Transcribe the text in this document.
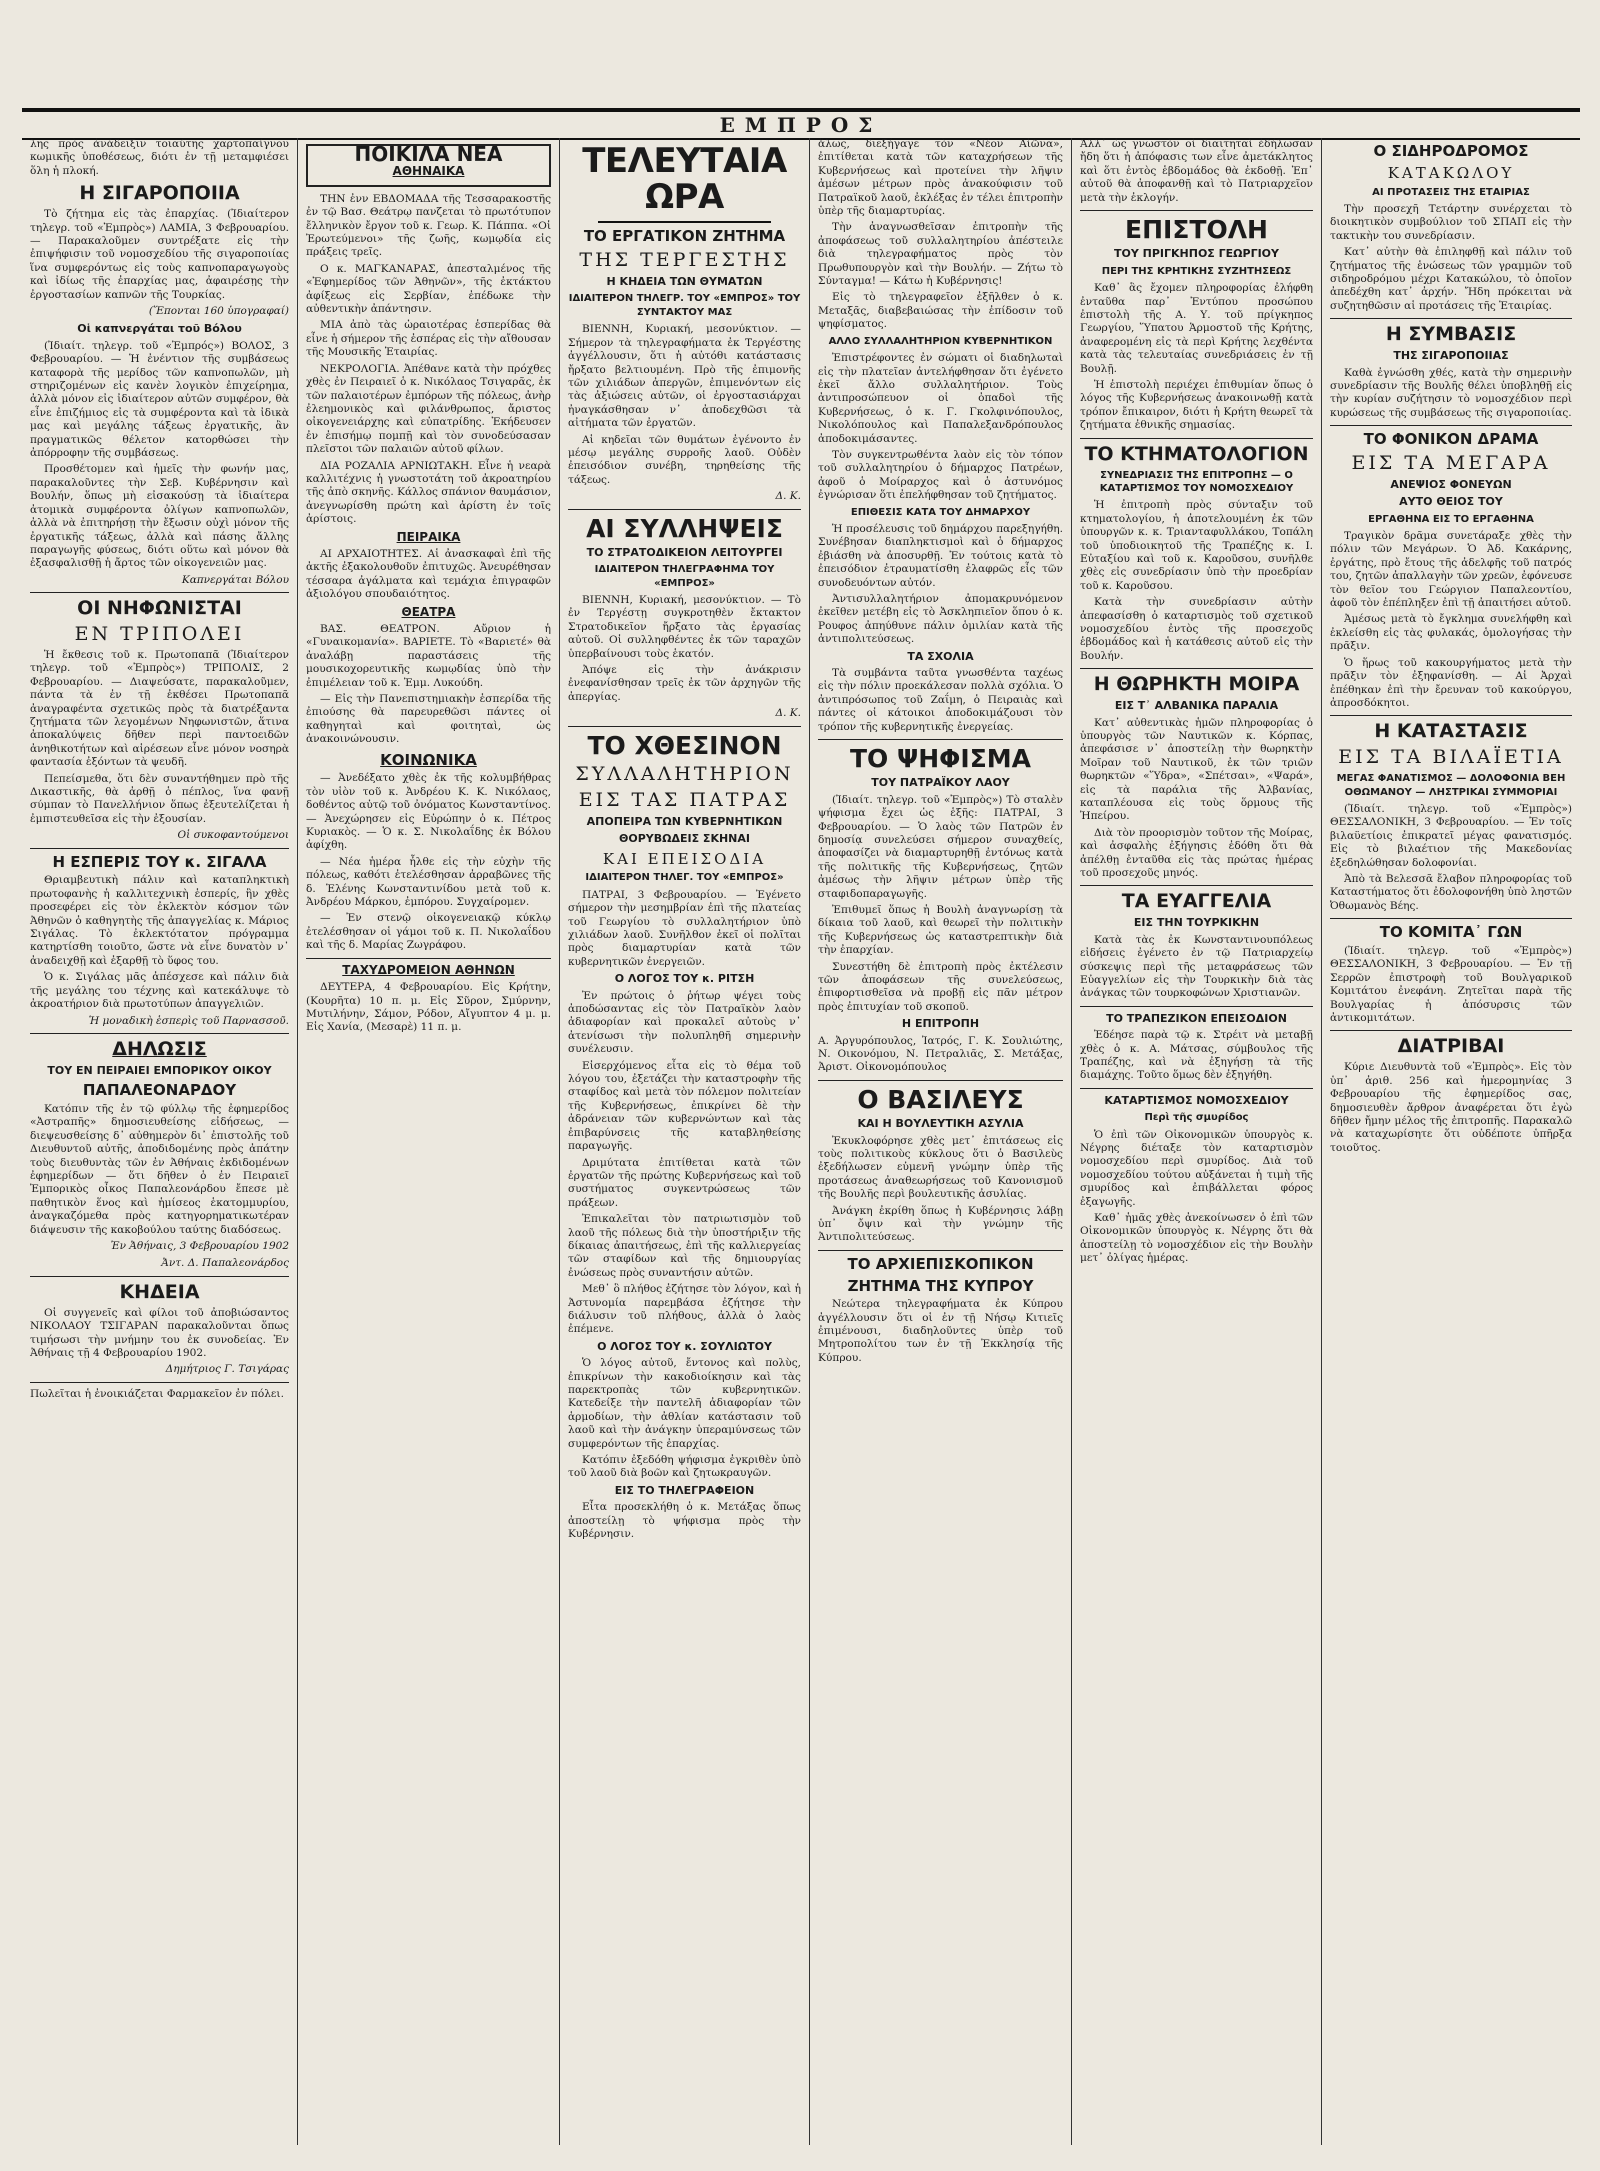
ΕΜΠΡΟΣ

λης πρὸς ἀνάδειξιν τοιαύτης χαρτοπαίγνου κωμικῆς ὑποθέσεως, διότι ἐν τῇ μεταμφιέσει ὅλη ἡ πλοκή.

Η ΣΙΓΑΡΟΠΟΙΙΑ

Τὸ ζήτημα εἰς τὰς ἐπαρχίας. (Ἰδιαίτερον τηλεγρ. τοῦ «Ἐμπρὸς») ΛΑΜΙΑ, 3 Φεβρουαρίου. — Παρακαλοῦμεν συντρέξατε εἰς τὴν ἐπιψήφισιν τοῦ νομοσχεδίου τῆς σιγαροποιίας ἵνα συμφερόντως εἰς τοὺς καπνοπαραγωγοὺς καὶ ἰδίως τῆς ἐπαρχίας μας, ἀφαιρέσῃς τὴν ἐργοστασίων καπνῶν τῆς Τουρκίας.

(Ἕπονται 160 ὑπογραφαί)
Οἱ καπνεργάται τοῦ Βόλου

(Ἰδιαίτ. τηλεγρ. τοῦ «Ἐμπρός») ΒΟΛΟΣ, 3 Φεβρουαρίου. — Ἡ ἐνέντιον τῆς συμβάσεως καταφορὰ τῆς μερίδος τῶν καπνοπωλῶν, μὴ στηριζομένων εἰς κανὲν λογικὸν ἐπιχείρημα, ἀλλὰ μόνον εἰς ἰδιαίτερον αὐτῶν συμφέρον, θὰ εἶνε ἐπιζήμιος εἰς τὰ συμφέροντα καὶ τὰ ἰδικὰ μας καὶ μεγάλης τάξεως ἐργατικῆς, ἂν πραγματικῶς θέλετον κατορθώσει τὴν ἀπόρροφην τῆς συμβάσεως.

Προσθέτομεν καὶ ἡμεῖς τὴν φωνήν μας, παρακαλοῦντες τὴν Σεβ. Κυβέρνησιν καὶ Βουλήν, ὅπως μὴ εἰσακούσῃ τὰ ἰδιαίτερα ἀτομικὰ συμφέροντα ὀλίγων καπνοπωλῶν, ἀλλὰ νὰ ἐπιτηρήσῃ τὴν ἔξωσιν οὐχὶ μόνον τῆς ἐργατικῆς τάξεως, ἀλλὰ καὶ πάσης ἄλλης παραγωγῆς φύσεως, διότι οὕτω καὶ μόνον θὰ ἐξασφαλισθῇ ἡ ἄρτος τῶν οἰκογενειῶν μας.

Καπνεργάται Βόλου
ΟΙ ΝΗΦΩΝΙΣΤΑΙ
ΕΝ ΤΡΙΠΟΛΕΙ

Ἡ ἔκθεσις τοῦ κ. Πρωτοπαπᾶ (Ἰδιαίτερον τηλεγρ. τοῦ «Ἐμπρὸς») ΤΡΙΠΟΛΙΣ, 2 Φεβρουαρίου. — Διαψεύσατε, παρακαλοῦμεν, πάντα τὰ ἐν τῇ ἐκθέσει Πρωτοπαπᾶ ἀναγραφέντα σχετικῶς πρὸς τὰ διατρέξαντα ζητήματα τῶν λεγομένων Νηφωνιστῶν, ἅτινα ἀποκαλύψεις δῆθεν περὶ παντοειδῶν ἀνηθικοτήτων καὶ αἱρέσεων εἶνε μόνον νοσηρὰ φαντασία ἐξόντων τὰ ψευδῆ.

Πεπείσμεθα, ὅτι δὲν συναντήθημεν πρὸ τῆς Δικαστικῆς, θὰ ἀρθῇ ὁ πέπλος, ἵνα φανῇ σύμπαν τὸ Πανελλήνιον ὅπως ἐξευτελίζεται ἡ ἐμπιστευθεῖσα εἰς τὴν ἐξουσίαν.

Οἱ συκοφαντούμενοι
Η ΕΣΠΕΡΙΣ ΤΟΥ κ. ΣΙΓΑΛΑ

Θριαμβευτικὴ πάλιν καὶ καταπληκτικὴ πρωτοφανὴς ἡ καλλιτεχνικὴ ἑσπερίς, ἣν χθὲς προσεφέρει εἰς τὸν ἐκλεκτὸν κόσμον τῶν Ἀθηνῶν ὁ καθηγητὴς τῆς ἀπαγγελίας κ. Μάριος Σιγάλας. Τὸ ἐκλεκτότατον πρόγραμμα κατηρτίσθη τοιοῦτο, ὥστε νὰ εἶνε δυνατὸν ν᾽ ἀναδειχθῇ καὶ ἐξαρθῇ τὸ ὕφος του.

Ὁ κ. Σιγάλας μᾶς ἀπέσχεσε καὶ πάλιν διὰ τῆς μεγάλης του τέχνης καὶ κατεκάλυψε τὸ ἀκροατήριον διὰ πρωτοτύπων ἀπαγγελιῶν.

Ἡ μοναδικὴ ἑσπερὶς τοῦ Παρνασσοῦ.
ΔΗΛΩΣΙΣ
ΤΟΥ ΕΝ ΠΕΙΡΑΙΕΙ ΕΜΠΟΡΙΚΟΥ ΟΙΚΟΥ
ΠΑΠΑΛΕΟΝΑΡΔΟΥ

Κατόπιν τῆς ἐν τῷ φύλλῳ τῆς ἐφημερίδος «Ἀστραπῆς» δημοσιευθείσης εἰδήσεως, — διεψευσθείσης δ᾽ αὐθημερὸν δι᾽ ἐπιστολῆς τοῦ Διευθυντοῦ αὐτῆς, ἀποδιδομένης πρὸς ἀπάτην τοὺς διευθυντὰς τῶν ἐν Ἀθήναις ἐκδιδομένων ἐφημερίδων — ὅτι δῆθεν ὁ ἐν Πειραιεῖ Ἐμπορικὸς οἶκος Παπαλεονάρδου ἔπεσε μὲ παθητικὸν ἕνος καὶ ἡμίσεος ἑκατομμυρίου, ἀναγκαζόμεθα πρὸς κατηγορηματικωτέραν διάψευσιν τῆς κακοβούλου ταύτης διαδόσεως.

Ἐν Ἀθήναις, 3 Φεβρουαρίου 1902
Ἀντ. Δ. Παπαλεονάρδος
ΚΗΔΕΙΑ

Οἱ συγγενεῖς καὶ φίλοι τοῦ ἀποβιώσαντος ΝΙΚΟΛΑΟΥ ΤΣΙΓΑΡΑΝ παρακαλοῦνται ὅπως τιμήσωσι τὴν μνήμην του ἐκ συνοδείας. Ἐν Ἀθήναις τῇ 4 Φεβρουαρίου 1902.

Δημήτριος Γ. Τσιγάρας

Πωλεῖται ἡ ἐνοικιάζεται Φαρμακεῖον ἐν πόλει.

ΠΟΙΚΙΛΑ ΝΕΑ
ΑΘΗΝΑΙΚΑ

ΤΗΝ ἐνν ΕΒΔΟΜΑΔΑ τῆς Τεσσαρακοστῆς ἐν τῷ Βασ. Θεάτρῳ πανζεται τὸ πρωτότυπον ἔλληνικὸν ἔργον τοῦ κ. Γεωρ. Κ. Πάππα. «Οἱ Ἐρωτεύμενοι» τῆς ζωῆς, κωμῳδία εἰς πράξεις τρεῖς.

Ο κ. ΜΑΓΚΑΝΑΡΑΣ, ἀπεσταλμένος τῆς «Ἐφημερίδος τῶν Ἀθηνῶν», τῆς ἐκτάκτου ἀφίξεως εἰς Σερβίαν, ἐπέδωκε τὴν αὐθεντικὴν ἀπάντησιν.

ΜΙΑ ἀπὸ τὰς ὡραιοτέρας ἑσπερίδας θὰ εἶνε ἡ σήμερον τῆς ἐσπέρας εἰς τὴν αἴθουσαν τῆς Μουσικῆς Ἑταιρίας.

ΝΕΚΡΟΛΟΓΙΑ. Ἀπέθανε κατὰ τὴν πρόχθες χθὲς ἐν Πειραιεῖ ὁ κ. Νικόλαος Τσιγαρᾶς, ἐκ τῶν παλαιοτέρων ἐμπόρων τῆς πόλεως, ἀνὴρ ἐλεημονικὸς καὶ φιλάνθρωπος, ἄριστος οἰκογενειάρχης καὶ εὐπατρίδης. Ἐκήδευσεν ἐν ἐπισήμῳ πομπῇ καὶ τὸν συνοδεύσασαν πλεῖστοι τῶν παλαιῶν αὐτοῦ φίλων.

ΔΙΑ ΡΟΖΑΛΙΑ ΑΡΝΙΩΤΑΚΗ. Εἶνε ἡ νεαρὰ καλλιτέχνις ἡ γνωστοτάτη τοῦ ἀκροατηρίου τῆς ἀπὸ σκηνῆς. Κάλλος σπάνιον θαυμάσιον, ἀνεγνωρίσθη πρώτη καὶ ἀρίστη ἐν τοῖς ἀρίστοις.

ΠΕΙΡΑΙΚΑ

ΑΙ ΑΡΧΑΙΟΤΗΤΕΣ. Αἱ ἀνασκαφαὶ ἐπὶ τῆς ἀκτῆς ἐξακολουθοῦν ἐπιτυχῶς. Ἀνευρέθησαν τέσσαρα ἀγάλματα καὶ τεμάχια ἐπιγραφῶν ἀξιολόγου σπουδαιότητος.

ΘΕΑΤΡΑ

ΒΑΣ. ΘΕΑΤΡΟΝ. Αὔριον ἡ «Γυναικομανία». ΒΑΡΙΕΤΕ. Τὸ «Βαριετέ» θὰ ἀναλάβῃ παραστάσεις τῆς μουσικοχορευτικῆς κωμῳδίας ὑπὸ τὴν ἐπιμέλειαν τοῦ κ. Ἐμμ. Λυκούδη.

— Εἰς τὴν Πανεπιστημιακὴν ἑσπερίδα τῆς ἐπιούσης θὰ παρευρεθῶσι πάντες οἱ καθηγηταὶ καὶ φοιτηταὶ, ὡς ἀνακοινώνουσιν.

ΚΟΙΝΩΝΙΚΑ

— Ἀνεδέξατο χθὲς ἐκ τῆς κολυμβήθρας τὸν υἱὸν τοῦ κ. Ἀνδρέου Κ. Κ. Νικόλαος, δοθέντος αὐτῷ τοῦ ὀνόματος Κωνσταντίνος. — Ἀνεχώρησεν εἰς Εὐρώπην ὁ κ. Πέτρος Κυριακὸς. — Ὁ κ. Σ. Νικολαΐδης ἐκ Βόλου ἀφίχθη.

— Νέα ἡμέρα ἦλθε εἰς τὴν εὐχὴν τῆς πόλεως, καθότι ἐτελέσθησαν ἀρραβῶνες τῆς δ. Ἑλένης Κωνσταντινίδου μετὰ τοῦ κ. Ἀνδρέου Μάρκου, ἐμπόρου. Συγχαίρομεν.

— Ἐν στενῷ οἰκογενειακῷ κύκλῳ ἐτελέσθησαν οἱ γάμοι τοῦ κ. Π. Νικολαΐδου καὶ τῆς δ. Μαρίας Ζωγράφου.

ΤΑΧΥΔΡΟΜΕΙΟΝ ΑΘΗΝΩΝ

ΔΕΥΤΕΡΑ, 4 Φεβρουαρίου. Εἰς Κρήτην, (Κουρῆτα) 10 π. μ. Εἰς Σῦρον, Σμύρνην, Μυτιλήνην, Σάμον, Ρόδον, Αἴγυπτον 4 μ. μ. Εἰς Χανία, (Μεσαρὲ) 11 π. μ.

ΤΕΛΕΥΤΑΙΑ ΩΡΑ
ΤΟ ΕΡΓΑΤΙΚΟΝ ΖΗΤΗΜΑ
ΤΗΣ ΤΕΡΓΕΣΤΗΣ
Η ΚΗΔΕΙΑ ΤΩΝ ΘΥΜΑΤΩΝ
ΙΔΙΑΙΤΕΡΟΝ ΤΗΛΕΓΡ. ΤΟΥ «ΕΜΠΡΟΣ» ΤΟΥ ΣΥΝΤΑΚΤΟΥ ΜΑΣ

ΒΙΕΝΝΗ, Κυριακή, μεσονύκτιον. — Σήμερον τὰ τηλεγραφήματα ἐκ Τεργέστης ἀγγέλλουσιν, ὅτι ἡ αὐτόθι κατάστασις ἤρξατο βελτιουμένη. Πρὸ τῆς ἐπιμονῆς τῶν χιλιάδων ἀπεργῶν, ἐπιμενόντων εἰς τὰς ἀξιώσεις αὐτῶν, οἱ ἐργοστασιάρχαι ἠναγκάσθησαν ν᾽ ἀποδεχθῶσι τὰ αἰτήματα τῶν ἐργατῶν.

Αἱ κηδεῖαι τῶν θυμάτων ἐγένοντο ἐν μέσῳ μεγάλης συρροῆς λαοῦ. Οὐδὲν ἐπεισόδιον συνέβη, τηρηθείσης τῆς τάξεως.

Δ. Κ.
ΑΙ ΣΥΛΛΗΨΕΙΣ
ΤΟ ΣΤΡΑΤΟΔΙΚΕΙΟΝ ΛΕΙΤΟΥΡΓΕΙ
ΙΔΙΑΙΤΕΡΟΝ ΤΗΛΕΓΡΑΦΗΜΑ ΤΟΥ «ΕΜΠΡΟΣ»

ΒΙΕΝΝΗ, Κυριακή, μεσονύκτιον. — Τὸ ἐν Τεργέστῃ συγκροτηθὲν ἔκτακτον Στρατοδικεῖον ἤρξατο τὰς ἐργασίας αὐτοῦ. Οἱ συλληφθέντες ἐκ τῶν ταραχῶν ὑπερβαίνουσι τοὺς ἑκατόν.

Ἀπόψε εἰς τὴν ἀνάκρισιν ἐνεφανίσθησαν τρεῖς ἐκ τῶν ἀρχηγῶν τῆς ἀπεργίας.

Δ. Κ.
ΤΟ ΧΘΕΣΙΝΟΝ
ΣΥΛΛΑΛΗΤΗΡΙΟΝ
ΕΙΣ ΤΑΣ ΠΑΤΡΑΣ
ΑΠΟΠΕΙΡΑ ΤΩΝ ΚΥΒΕΡΝΗΤΙΚΩΝ
ΘΟΡΥΒΩΔΕΙΣ ΣΚΗΝΑΙ
ΚΑΙ ΕΠΕΙΣΟΔΙΑ
ΙΔΙΑΙΤΕΡΟΝ ΤΗΛΕΓ. ΤΟΥ «ΕΜΠΡΟΣ»

ΠΑΤΡΑΙ, 3 Φεβρουαρίου. — Ἐγένετο σήμερον τὴν μεσημβρίαν ἐπὶ τῆς πλατείας τοῦ Γεωργίου τὸ συλλαλητήριον ὑπὸ χιλιάδων λαοῦ. Συνῆλθον ἐκεῖ οἱ πολῖται πρὸς διαμαρτυρίαν κατὰ τῶν κυβερνητικῶν ἐνεργειῶν.

Ο ΛΟΓΟΣ ΤΟΥ κ. ΡΙΤΣΗ

Ἐν πρώτοις ὁ ῥήτωρ ψέγει τοὺς ἀποδώσαντας εἰς τὸν Πατραϊκὸν λαὸν ἀδιαφορίαν καὶ προκαλεῖ αὐτοὺς ν᾽ ἀτενίσωσι τὴν πολυπληθῆ σημερινὴν συνέλευσιν.

Εἰσερχόμενος εἶτα εἰς τὸ θέμα τοῦ λόγου του, ἐξετάζει τὴν καταστροφὴν τῆς σταφίδος καὶ μετὰ τὸν πόλεμον πολιτείαν τῆς Κυβερνήσεως, ἐπικρίνει δὲ τὴν ἀδράνειαν τῶν κυβερνώντων καὶ τὰς ἐπιβαρύνσεις τῆς καταβληθείσης παραγωγῆς.

Δριμύτατα ἐπιτίθεται κατὰ τῶν ἐργατῶν τῆς πρώτης Κυβερνήσεως καὶ τοῦ συστήματος συγκεντρώσεως τῶν πράξεων.

Ἐπικαλεῖται τὸν πατριωτισμὸν τοῦ λαοῦ τῆς πόλεως διὰ τὴν ὑποστήριξιν τῆς δίκαιας ἀπαιτήσεως, ἐπὶ τῆς καλλιεργείας τῶν σταφίδων καὶ τῆς δημιουργίας ἐνώσεως πρὸς συναντήσιν αὐτῶν.

Μεθ᾽ ὃ πλήθος ἐζήτησε τὸν λόγον, καὶ ἡ Ἀστυνομία παρεμβάσα ἐζήτησε τὴν διάλυσιν τοῦ πλήθους, ἀλλὰ ὁ λαὸς ἐπέμενε.

Ο ΛΟΓΟΣ ΤΟΥ κ. ΣΟΥΛΙΩΤΟΥ

Ὁ λόγος αὐτοῦ, ἔντονος καὶ πολὺς, ἐπικρίνων τὴν κακοδιοίκησιν καὶ τὰς παρεκτροπὰς τῶν κυβερνητικῶν. Κατεδείξε τὴν παντελῆ ἀδιαφορίαν τῶν ἁρμοδίων, τὴν ἀθλίαν κατάστασιν τοῦ λαοῦ καὶ τὴν ἀνάγκην ὑπεραμύνσεως τῶν συμφερόντων τῆς ἐπαρχίας.

Κατόπιν ἐξεδόθη ψήφισμα ἐγκριθὲν ὑπὸ τοῦ λαοῦ διὰ βοῶν καὶ ζητωκραυγῶν.

ΕΙΣ ΤΟ ΤΗΛΕΓΡΑΦΕΙΟΝ

Εἶτα προσεκλήθη ὁ κ. Μετάξας ὅπως ἀποστείλῃ τὸ ψήφισμα πρὸς τὴν Κυβέρνησιν.

ἄλως, διεξήγαγε τὸν «Νέον Αἰῶνα», ἐπιτίθεται κατὰ τῶν καταχρήσεων τῆς Κυβερνήσεως καὶ προτείνει τὴν λῆψιν ἀμέσων μέτρων πρὸς ἀνακούφισιν τοῦ Πατραϊκοῦ λαοῦ, ἐκλέξας ἐν τέλει ἐπιτροπὴν ὑπὲρ τῆς διαμαρτυρίας.

Τὴν ἀναγνωσθεῖσαν ἐπιτροπὴν τῆς ἀποφάσεως τοῦ συλλαλητηρίου ἀπέστειλε διὰ τηλεγραφήματος πρὸς τὸν Πρωθυπουργὸν καὶ τὴν Βουλήν. — Ζήτω τὸ Σύνταγμα! — Κάτω ἡ Κυβέρνησις!

Εἰς τὸ τηλεγραφεῖον ἐξῆλθεν ὁ κ. Μεταξᾶς, διαβεβαιώσας τὴν ἐπίδοσιν τοῦ ψηφίσματος.

ΑΛΛΟ ΣΥΛΛΑΛΗΤΗΡΙΟΝ ΚΥΒΕΡΝΗΤΙΚΟΝ

Ἐπιστρέφοντες ἐν σώματι οἱ διαδηλωταὶ εἰς τὴν πλατεῖαν ἀντελήφθησαν ὅτι ἐγένετο ἐκεῖ ἄλλο συλλαλητήριον. Τοὺς ἀντιπροσώπευον οἱ ὀπαδοὶ τῆς Κυβερνήσεως, ὁ κ. Γ. Γκολφινόπουλος, Νικολόπουλος καὶ Παπαλεξανδρόπουλος ἀποδοκιμάσαντες.

Τὸν συγκεντρωθέντα λαὸν εἰς τὸν τόπον τοῦ συλλαλητηρίου ὁ δήμαρχος Πατρέων, ἀφοῦ ὁ Μοίραρχος καὶ ὁ ἀστυνόμος ἐγνώρισαν ὅτι ἐπελήφθησαν τοῦ ζητήματος.

ΕΠΙΘΕΣΙΣ ΚΑΤΑ ΤΟΥ ΔΗΜΑΡΧΟΥ

Ἡ προσέλευσις τοῦ δημάρχου παρεξηγήθη. Συνέβησαν διαπληκτισμοὶ καὶ ὁ δήμαρχος ἐβιάσθη νὰ ἀποσυρθῇ. Ἐν τούτοις κατὰ τὸ ἐπεισόδιον ἐτραυματίσθη ἐλαφρῶς εἷς τῶν συνοδευόντων αὐτόν.

Ἀντισυλλαλητήριον ἀπομακρυνόμενον ἐκεῖθεν μετέβη εἰς τὸ Ἀσκληπιεῖον ὅπου ὁ κ. Ρουφος ἀπηύθυνε πάλιν ὁμιλίαν κατὰ τῆς ἀντιπολιτεύσεως.

ΤΑ ΣΧΟΛΙΑ

Τὰ συμβάντα ταῦτα γνωσθέντα ταχέως εἰς τὴν πόλιν προεκάλεσαν πολλὰ σχόλια. Ὁ ἀντιπρόσωπος τοῦ Ζαΐμη, ὁ Πειραιὰς καὶ πάντες οἱ κάτοικοι ἀποδοκιμάζουσι τὸν τρόπον τῆς κυβερνητικῆς ἐνεργείας.

ΤΟ ΨΗΦΙΣΜΑ
ΤΟΥ ΠΑΤΡΑΪΚΟΥ ΛΑΟΥ

(Ἰδιαίτ. τηλεγρ. τοῦ «Ἐμπρὸς») Τὸ σταλὲν ψήφισμα ἔχει ὡς ἑξῆς: ΠΑΤΡΑΙ, 3 Φεβρουαρίου. — Ὁ λαὸς τῶν Πατρῶν ἐν δημοσίᾳ συνελεύσει σήμερον συναχθείς, ἀποφασίζει νὰ διαμαρτυρηθῇ ἐντόνως κατὰ τῆς πολιτικῆς τῆς Κυβερνήσεως, ζητῶν ἀμέσως τὴν λῆψιν μέτρων ὑπὲρ τῆς σταφιδοπαραγωγῆς.

Ἐπιθυμεῖ ὅπως ἡ Βουλὴ ἀναγνωρίσῃ τὰ δίκαια τοῦ λαοῦ, καὶ θεωρεῖ τὴν πολιτικὴν τῆς Κυβερνήσεως ὡς καταστρεπτικὴν διὰ τὴν ἐπαρχίαν.

Συνεστήθη δὲ ἐπιτροπὴ πρὸς ἐκτέλεσιν τῶν ἀποφάσεων τῆς συνελεύσεως, ἐπιφορτισθεῖσα νὰ προβῇ εἰς πᾶν μέτρον πρὸς ἐπιτυχίαν τοῦ σκοποῦ.

Η ΕΠΙΤΡΟΠΗ

Α. Ἀργυρόπουλος, Ἰατρός, Γ. Κ. Σουλιώτης, Ν. Οικονόμου, Ν. Πετραλιᾶς, Σ. Μετάξας, Ἀριστ. Οἰκονομόπουλος

Ο ΒΑΣΙΛΕΥΣ
ΚΑΙ Η ΒΟΥΛΕΥΤΙΚΗ ΑΣΥΛΙΑ

Ἐκυκλοφόρησε χθὲς μετ᾽ ἐπιτάσεως εἰς τοὺς πολιτικοὺς κύκλους ὅτι ὁ Βασιλεὺς ἐξεδήλωσεν εὐμενῆ γνώμην ὑπὲρ τῆς προτάσεως ἀναθεωρήσεως τοῦ Κανονισμοῦ τῆς Βουλῆς περὶ βουλευτικῆς ἀσυλίας.

Ἀνάγκη ἐκρίθη ὅπως ἡ Κυβέρνησις λάβῃ ὑπ᾽ ὄψιν καὶ τὴν γνώμην τῆς Ἀντιπολιτεύσεως.

ΤΟ ΑΡΧΙΕΠΙΣΚΟΠΙΚΟΝ
ΖΗΤΗΜΑ ΤΗΣ ΚΥΠΡΟΥ

Νεώτερα τηλεγραφήματα ἐκ Κύπρου ἀγγέλλουσιν ὅτι οἱ ἐν τῇ Νήσῳ Κιτιεῖς ἐπιμένουσι, διαδηλοῦντες ὑπὲρ τοῦ Μητροπολίτου των ἐν τῇ Ἐκκλησίᾳ τῆς Κύπρου.

Ἀλλ᾽ ὡς γνωστὸν οἱ διαιτηταὶ ἐδήλωσαν ἤδη ὅτι ἡ ἀπόφασις των εἶνε ἀμετάκλητος καὶ ὅτι ἐντὸς ἑβδομάδος θὰ ἐκδοθῇ. Ἐπ᾽ αὐτοῦ θὰ ἀποφανθῇ καὶ τὸ Πατριαρχεῖον μετὰ τὴν ἐκλογήν.

ΕΠΙΣΤΟΛΗ
ΤΟΥ ΠΡΙΓΚΗΠΟΣ ΓΕΩΡΓΙΟΥ
ΠΕΡΙ ΤΗΣ ΚΡΗΤΙΚΗΣ ΣΥΖΗΤΗΣΕΩΣ

Καθ᾽ ἃς ἔχομεν πληροφορίας ἐλήφθη ἐνταῦθα παρ᾽ Ἐντύπου προσώπου ἐπιστολὴ τῆς Α. Υ. τοῦ πρίγκηπος Γεωργίου, Ὕπατου Ἁρμοστοῦ τῆς Κρήτης, ἀναφερομένη εἰς τὰ περὶ Κρήτης λεχθέντα κατὰ τὰς τελευταίας συνεδριάσεις ἐν τῇ Βουλῇ.

Ἡ ἐπιστολὴ περιέχει ἐπιθυμίαν ὅπως ὁ λόγος τῆς Κυβερνήσεως ἀνακοινωθῇ κατὰ τρόπον ἔπικαιρον, διότι ἡ Κρήτη θεωρεῖ τὰ ζητήματα ἐθνικῆς σημασίας.

ΤΟ ΚΤΗΜΑΤΟΛΟΓΙΟΝ
ΣΥΝΕΔΡΙΑΣΙΣ ΤΗΣ ΕΠΙΤΡΟΠΗΣ — Ο ΚΑΤΑΡΤΙΣΜΟΣ ΤΟΥ ΝΟΜΟΣΧΕΔΙΟΥ

Ἡ ἐπιτροπὴ πρὸς σύνταξιν τοῦ κτηματολογίου, ἡ ἀποτελουμένη ἐκ τῶν ὑπουργῶν κ. κ. Τριανταφυλλάκου, Τοπάλη τοῦ ὑποδιοικητοῦ τῆς Τραπέζης κ. Ι. Εὐταξίου καὶ τοῦ κ. Καροῦσου, συνῆλθε χθὲς εἰς συνεδρίασιν ὑπὸ τὴν προεδρίαν τοῦ κ. Καροῦσου.

Κατὰ τὴν συνεδρίασιν αὐτὴν ἀπεφασίσθη ὁ καταρτισμὸς τοῦ σχετικοῦ νομοσχεδίου ἐντὸς τῆς προσεχοῦς ἑβδομάδος καὶ ἡ κατάθεσις αὐτοῦ εἰς τὴν Βουλήν.

Η ΘΩΡΗΚΤΗ ΜΟΙΡΑ
ΕΙΣ Τ᾽ ΑΛΒΑΝΙΚΑ ΠΑΡΑΛΙΑ

Κατ᾽ αὐθεντικὰς ἡμῶν πληροφορίας ὁ ὑπουργὸς τῶν Ναυτικῶν κ. Κόρπας, ἀπεφάσισε ν᾽ ἀποστείλῃ τὴν θωρηκτὴν Μοῖραν τοῦ Ναυτικοῦ, ἐκ τῶν τριῶν θωρηκτῶν «Ὕδρα», «Σπέτσαι», «Ψαρά», εἰς τὰ παράλια τῆς Ἀλβανίας, καταπλέουσα εἰς τοὺς ὅρμους τῆς Ἠπείρου.

Διὰ τὸν προορισμὸν τοῦτον τῆς Μοίρας, καὶ ἀσφαλὴς ἐξήγησις ἐδόθη ὅτι θὰ ἀπέλθῃ ἐνταῦθα εἰς τὰς πρώτας ἡμέρας τοῦ προσεχοῦς μηνός.

ΤΑ ΕΥΑΓΓΕΛΙΑ
ΕΙΣ ΤΗΝ ΤΟΥΡΚΙΚΗΝ

Κατὰ τὰς ἐκ Κωνσταντινουπόλεως εἰδήσεις ἐγένετο ἐν τῷ Πατριαρχείῳ σύσκεψις περὶ τῆς μεταφράσεως τῶν Εὐαγγελίων εἰς τὴν Τουρκικὴν διὰ τὰς ἀνάγκας τῶν τουρκοφώνων Χριστιανῶν.

ΤΟ ΤΡΑΠΕΖΙΚΟΝ ΕΠΕΙΣΟΔΙΟΝ

Ἐδέησε παρὰ τῷ κ. Στρέιτ νὰ μεταβῇ χθὲς ὁ κ. Α. Μάτσας, σύμβουλος τῆς Τραπέζης, καὶ νὰ ἐξηγήσῃ τὰ τῆς διαμάχης. Τοῦτο ὅμως δὲν ἐξηγήθη.

ΚΑΤΑΡΤΙΣΜΟΣ ΝΟΜΟΣΧΕΔΙΟΥ
Περὶ τῆς σμυρίδος

Ὁ ἐπὶ τῶν Οἰκονομικῶν ὑπουργὸς κ. Νέγρης διέταξε τὸν καταρτισμὸν νομοσχεδίου περὶ σμυρίδος. Διὰ τοῦ νομοσχεδίου τούτου αὐξάνεται ἡ τιμὴ τῆς σμυρίδος καὶ ἐπιβάλλεται φόρος ἐξαγωγῆς.

Καθ᾽ ἡμᾶς χθὲς ἀνεκοίνωσεν ὁ ἐπὶ τῶν Οἰκονομικῶν ὑπουργὸς κ. Νέγρης ὅτι θὰ ἀποστείλῃ τὸ νομοσχέδιον εἰς τὴν Βουλὴν μετ᾽ ὀλίγας ἡμέρας.

Ο ΣΙΔΗΡΟΔΡΟΜΟΣ
ΚΑΤΑΚΩΛΟΥ
ΑΙ ΠΡΟΤΑΣΕΙΣ ΤΗΣ ΕΤΑΙΡΙΑΣ

Τὴν προσεχῆ Τετάρτην συνέρχεται τὸ διοικητικὸν συμβούλιον τοῦ ΣΠΑΠ εἰς τὴν τακτικὴν του συνεδρίασιν.

Κατ᾽ αὐτὴν θὰ ἐπιληφθῇ καὶ πάλιν τοῦ ζητήματος τῆς ἑνώσεως τῶν γραμμῶν τοῦ σιδηροδρόμου μέχρι Κατακώλου, τὸ ὁποῖον ἀπεδέχθη κατ᾽ ἀρχήν. Ἤδη πρόκειται νὰ συζητηθῶσιν αἱ προτάσεις τῆς Ἑταιρίας.

Η ΣΥΜΒΑΣΙΣ
ΤΗΣ ΣΙΓΑΡΟΠΟΙΙΑΣ

Καθὰ ἐγνώσθη χθές, κατὰ τὴν σημερινὴν συνεδρίασιν τῆς Βουλῆς θέλει ὑποβληθῇ εἰς τὴν κυρίαν συζήτησιν τὸ νομοσχέδιον περὶ κυρώσεως τῆς συμβάσεως τῆς σιγαροποιίας.

ΤΟ ΦΟΝΙΚΟΝ ΔΡΑΜΑ
ΕΙΣ ΤΑ ΜΕΓΑΡΑ
ΑΝΕΨΙΟΣ ΦΟΝΕΥΩΝ
ΑΥΤΟ ΘΕΙΟΣ ΤΟΥ
ΕΡΓΑΘΗΝΑ ΕΙΣ ΤΟ ΕΡΓΑΘΗΝΑ

Τραγικὸν δρᾶμα συνετάραξε χθὲς τὴν πόλιν τῶν Μεγάρων. Ὁ Ἀδ. Κακάρνης, ἐργάτης, πρὸ ἔτους τῆς ἀδελφῆς τοῦ πατρός του, ζητῶν ἀπαλλαγὴν τῶν χρεῶν, ἐφόνευσε τὸν θεῖον του Γεώργιον Παπαλεοντίου, ἀφοῦ τὸν ἐπέπληξεν ἐπὶ τῇ ἀπαιτήσει αὐτοῦ.

Ἀμέσως μετὰ τὸ ἔγκλημα συνελήφθη καὶ ἐκλείσθη εἰς τὰς φυλακάς, ὁμολογήσας τὴν πρᾶξιν.

Ὁ ἥρως τοῦ κακουργήματος μετὰ τὴν πρᾶξιν τὸν ἐξηφανίσθη. — Αἱ Ἀρχαὶ ἐπέθηκαν ἐπὶ τὴν ἔρευναν τοῦ κακούργου, ἀπροσδόκητοι.

Η ΚΑΤΑΣΤΑΣΙΣ
ΕΙΣ ΤΑ ΒΙΛΑΪΕΤΙΑ
ΜΕΓΑΣ ΦΑΝΑΤΙΣΜΟΣ — ΔΟΛΟΦΟΝΙΑ ΒΕΗ ΟΘΩΜΑΝΟΥ — ΛΗΣΤΡΙΚΑΙ ΣΥΜΜΟΡΙΑΙ

(Ἰδιαίτ. τηλεγρ. τοῦ «Ἐμπρὸς») ΘΕΣΣΑΛΟΝΙΚΗ, 3 Φεβρουαρίου. — Ἐν τοῖς βιλαϋετίοις ἐπικρατεῖ μέγας φανατισμός. Εἰς τὸ βιλαέτιον τῆς Μακεδονίας ἐξεδηλώθησαν δολοφονίαι.

Ἀπὸ τὰ Βελεσσᾶ ἔλαβον πληροφορίας τοῦ Καταστήματος ὅτι ἐδολοφονήθη ὑπὸ ληστῶν Ὀθωμανὸς Βέης.

ΤΟ ΚΟΜΙΤΑ᾽ ΓΩΝ

(Ἰδιαίτ. τηλεγρ. τοῦ «Ἐμπρὸς») ΘΕΣΣΑΛΟΝΙΚΗ, 3 Φεβρουαρίου. — Ἐν τῇ Σερρῶν ἐπιστροφὴ τοῦ Βουλγαρικοῦ Κομιτάτου ἐνεφάνη. Ζητεῖται παρὰ τῆς Βουλγαρίας ἡ ἀπόσυρσις τῶν ἀντικομιτάτων.

ΔΙΑΤΡΙΒΑΙ

Κύριε Διευθυντὰ τοῦ «Ἐμπρὸς». Εἰς τὸν ὑπ᾽ ἀριθ. 256 καὶ ἡμερομηνίας 3 Φεβρουαρίου τῆς ἐφημερίδος σας, δημοσιευθὲν ἄρθρον ἀναφέρεται ὅτι ἐγὼ δῆθεν ἤμην μέλος τῆς ἐπιτροπῆς. Παρακαλῶ νὰ καταχωρίσητε ὅτι οὐδέποτε ὑπῆρξα τοιοῦτος.
